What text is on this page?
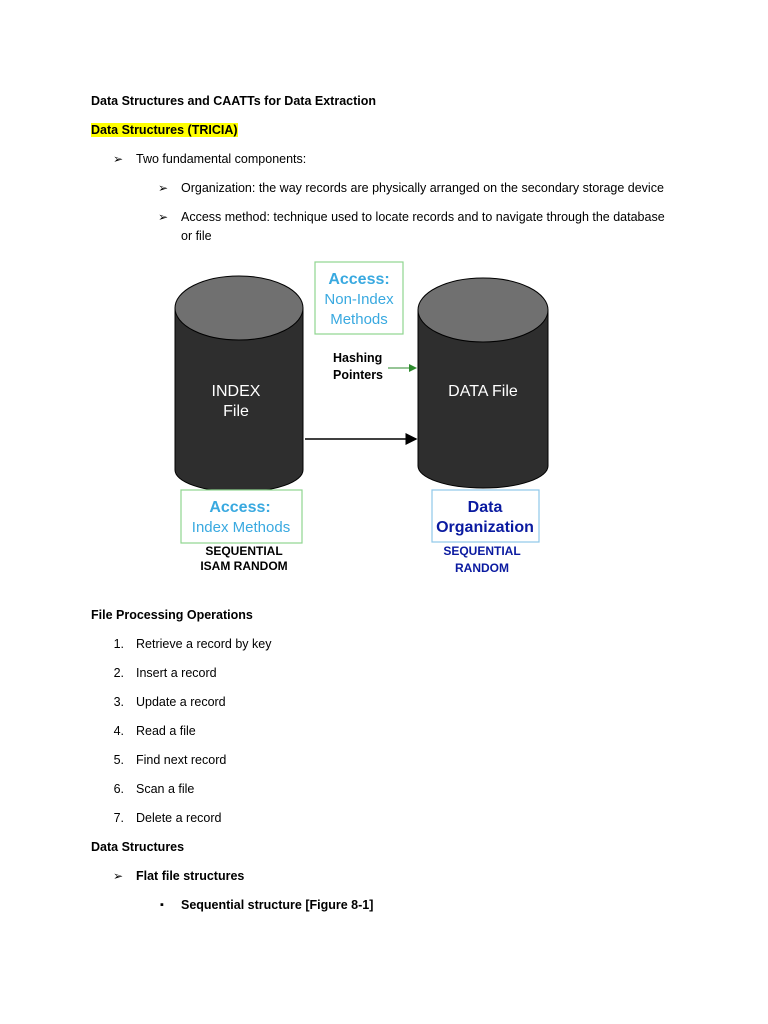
Data Structures and CAATTs for Data Extraction
Data Structures (TRICIA)
➢ Two fundamental components:
➢ Organization: the way records are physically arranged on the secondary storage device
➢ Access method: technique used to locate records and to navigate through the database
or file
INDEX
File
DATA File
Access:
Non-Index
Methods
Hashing
Pointers
Access:
Index Methods
SEQUENTIAL
ISAM RANDOM
Data
Organization
SEQUENTIAL
RANDOM
File Processing Operations
1. Retrieve a record by key
2. Insert a record
3. Update a record
4. Read a file
5. Find next record
6. Scan a file
7. Delete a record
Data Structures
➢ Flat file structures
▪ Sequential structure [Figure 8-1]
